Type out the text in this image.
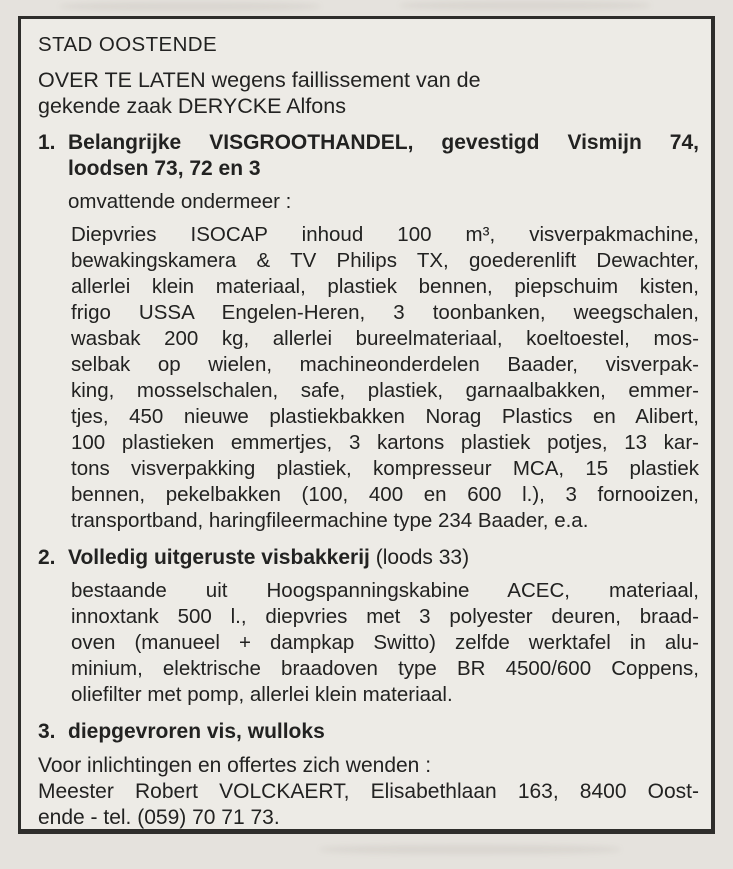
STAD OOSTENDE
OVER TE LATEN wegens faillissement van de
gekende zaak DERYCKE Alfons
1. Belangrijke VISGROOTHANDEL, gevestigd Vismijn 74,
loodsen 73, 72 en 3
omvattende ondermeer :
Diepvries ISOCAP inhoud 100 m³, visverpakmachine,
bewakingskamera & TV Philips TX, goederenlift Dewachter,
allerlei klein materiaal, plastiek bennen, piepschuim kisten,
frigo USSA Engelen-Heren, 3 toonbanken, weegschalen,
wasbak 200 kg, allerlei bureelmateriaal, koeltoestel, mos-
selbak op wielen, machineonderdelen Baader, visverpak-
king, mosselschalen, safe, plastiek, garnaalbakken, emmer-
tjes, 450 nieuwe plastiekbakken Norag Plastics en Alibert,
100 plastieken emmertjes, 3 kartons plastiek potjes, 13 kar-
tons visverpakking plastiek, kompresseur MCA, 15 plastiek
bennen, pekelbakken (100, 400 en 600 l.), 3 fornooizen,
transportband, haringfileermachine type 234 Baader, e.a.
2. Volledig uitgeruste visbakkerij (loods 33)
bestaande uit Hoogspanningskabine ACEC, materiaal,
innoxtank 500 l., diepvries met 3 polyester deuren, braad-
oven (manueel + dampkap Switto) zelfde werktafel in alu-
minium, elektrische braadoven type BR 4500/600 Coppens,
oliefilter met pomp, allerlei klein materiaal.
3. diepgevroren vis, wulloks
Voor inlichtingen en offertes zich wenden :
Meester Robert VOLCKAERT, Elisabethlaan 163, 8400 Oost-
ende - tel. (059) 70 71 73.
